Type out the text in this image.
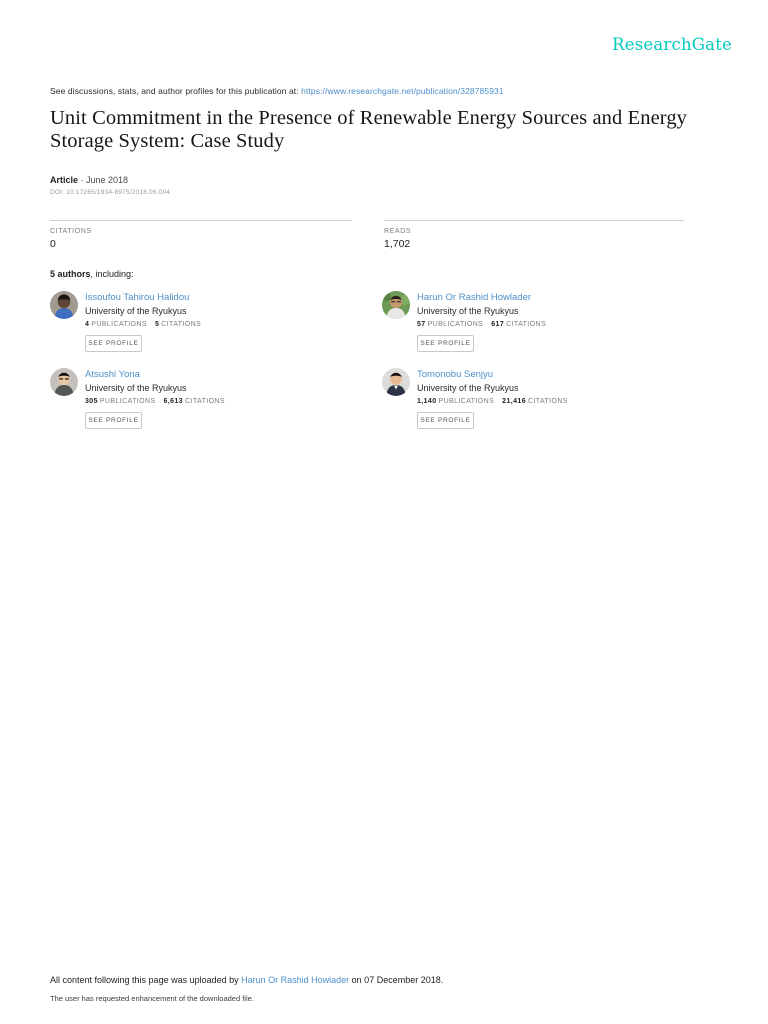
ResearchGate
See discussions, stats, and author profiles for this publication at: https://www.researchgate.net/publication/328785931
Unit Commitment in the Presence of Renewable Energy Sources and Energy Storage System: Case Study
Article · June 2018
DOI: 10.17265/1934-8975/2018.06.004
CITATIONS
0
READS
1,702
5 authors, including:
Issoufou Tahirou Halidou
University of the Ryukyus
4 PUBLICATIONS 5 CITATIONS
SEE PROFILE
Harun Or Rashid Howlader
University of the Ryukyus
57 PUBLICATIONS 617 CITATIONS
SEE PROFILE
Atsushi Yona
University of the Ryukyus
305 PUBLICATIONS 6,613 CITATIONS
SEE PROFILE
Tomonobu Senjyu
University of the Ryukyus
1,140 PUBLICATIONS 21,416 CITATIONS
SEE PROFILE
All content following this page was uploaded by Harun Or Rashid Howlader on 07 December 2018.
The user has requested enhancement of the downloaded file.
